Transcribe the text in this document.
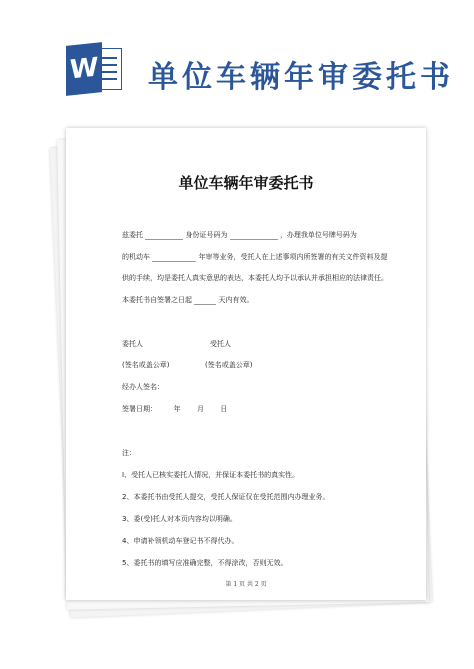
W 单位车辆年审委托书
单位车辆年审委托书
兹委托	身份证号码为	，办理我单位号牌号码为
的机动车	年审等业务，受托人在上述事项内所签署的有关文件资料及提
供的手续，均是委托人真实意思的表达，本委托人均予以承认并承担相应的法律责任。
本委托书自签署之日起	天内有效。
委托人	受托人
(签名或盖公章)	(签名或盖公章)
经办人签名：
签署日期： 年 月 日
注：
I、受托人已核实委托人情况，并保证本委托书的真实性。
2、本委托书由受托人提交，受托人保证仅在受托范围内办理业务。
3、委(受)托人对本页内容均以明确。
4、申请补领机动车登记书不得代办。
5、委托书的填写应准确完整，不得涂改，否则无效。
第 1 页 共 2 页
